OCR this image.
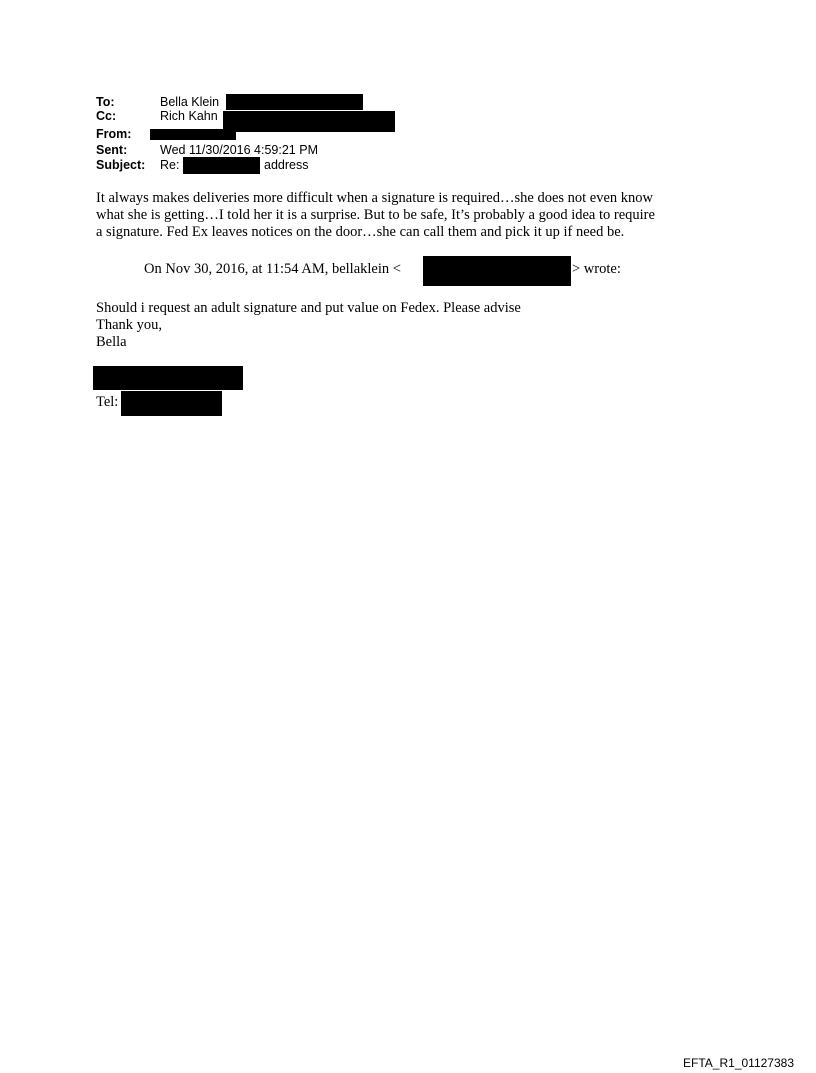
To:	Bella Klein
Cc:	Rich Kahn
From:
Sent:	Wed 11/30/2016 4:59:21 PM
Subject: Re:	address
It always makes deliveries more difficult when a signature is required…she does not even know
what she is getting…I told her it is a surprise. But to be safe, It’s probably a good idea to require
a signature. Fed Ex leaves notices on the door…she can call them and pick it up if need be.
On Nov 30, 2016, at 11:54 AM, bellaklein <	> wrote:
Should i request an adult signature and put value on Fedex. Please advise
Thank you,
Bella
Tel:
EFTA_R1_01127383
